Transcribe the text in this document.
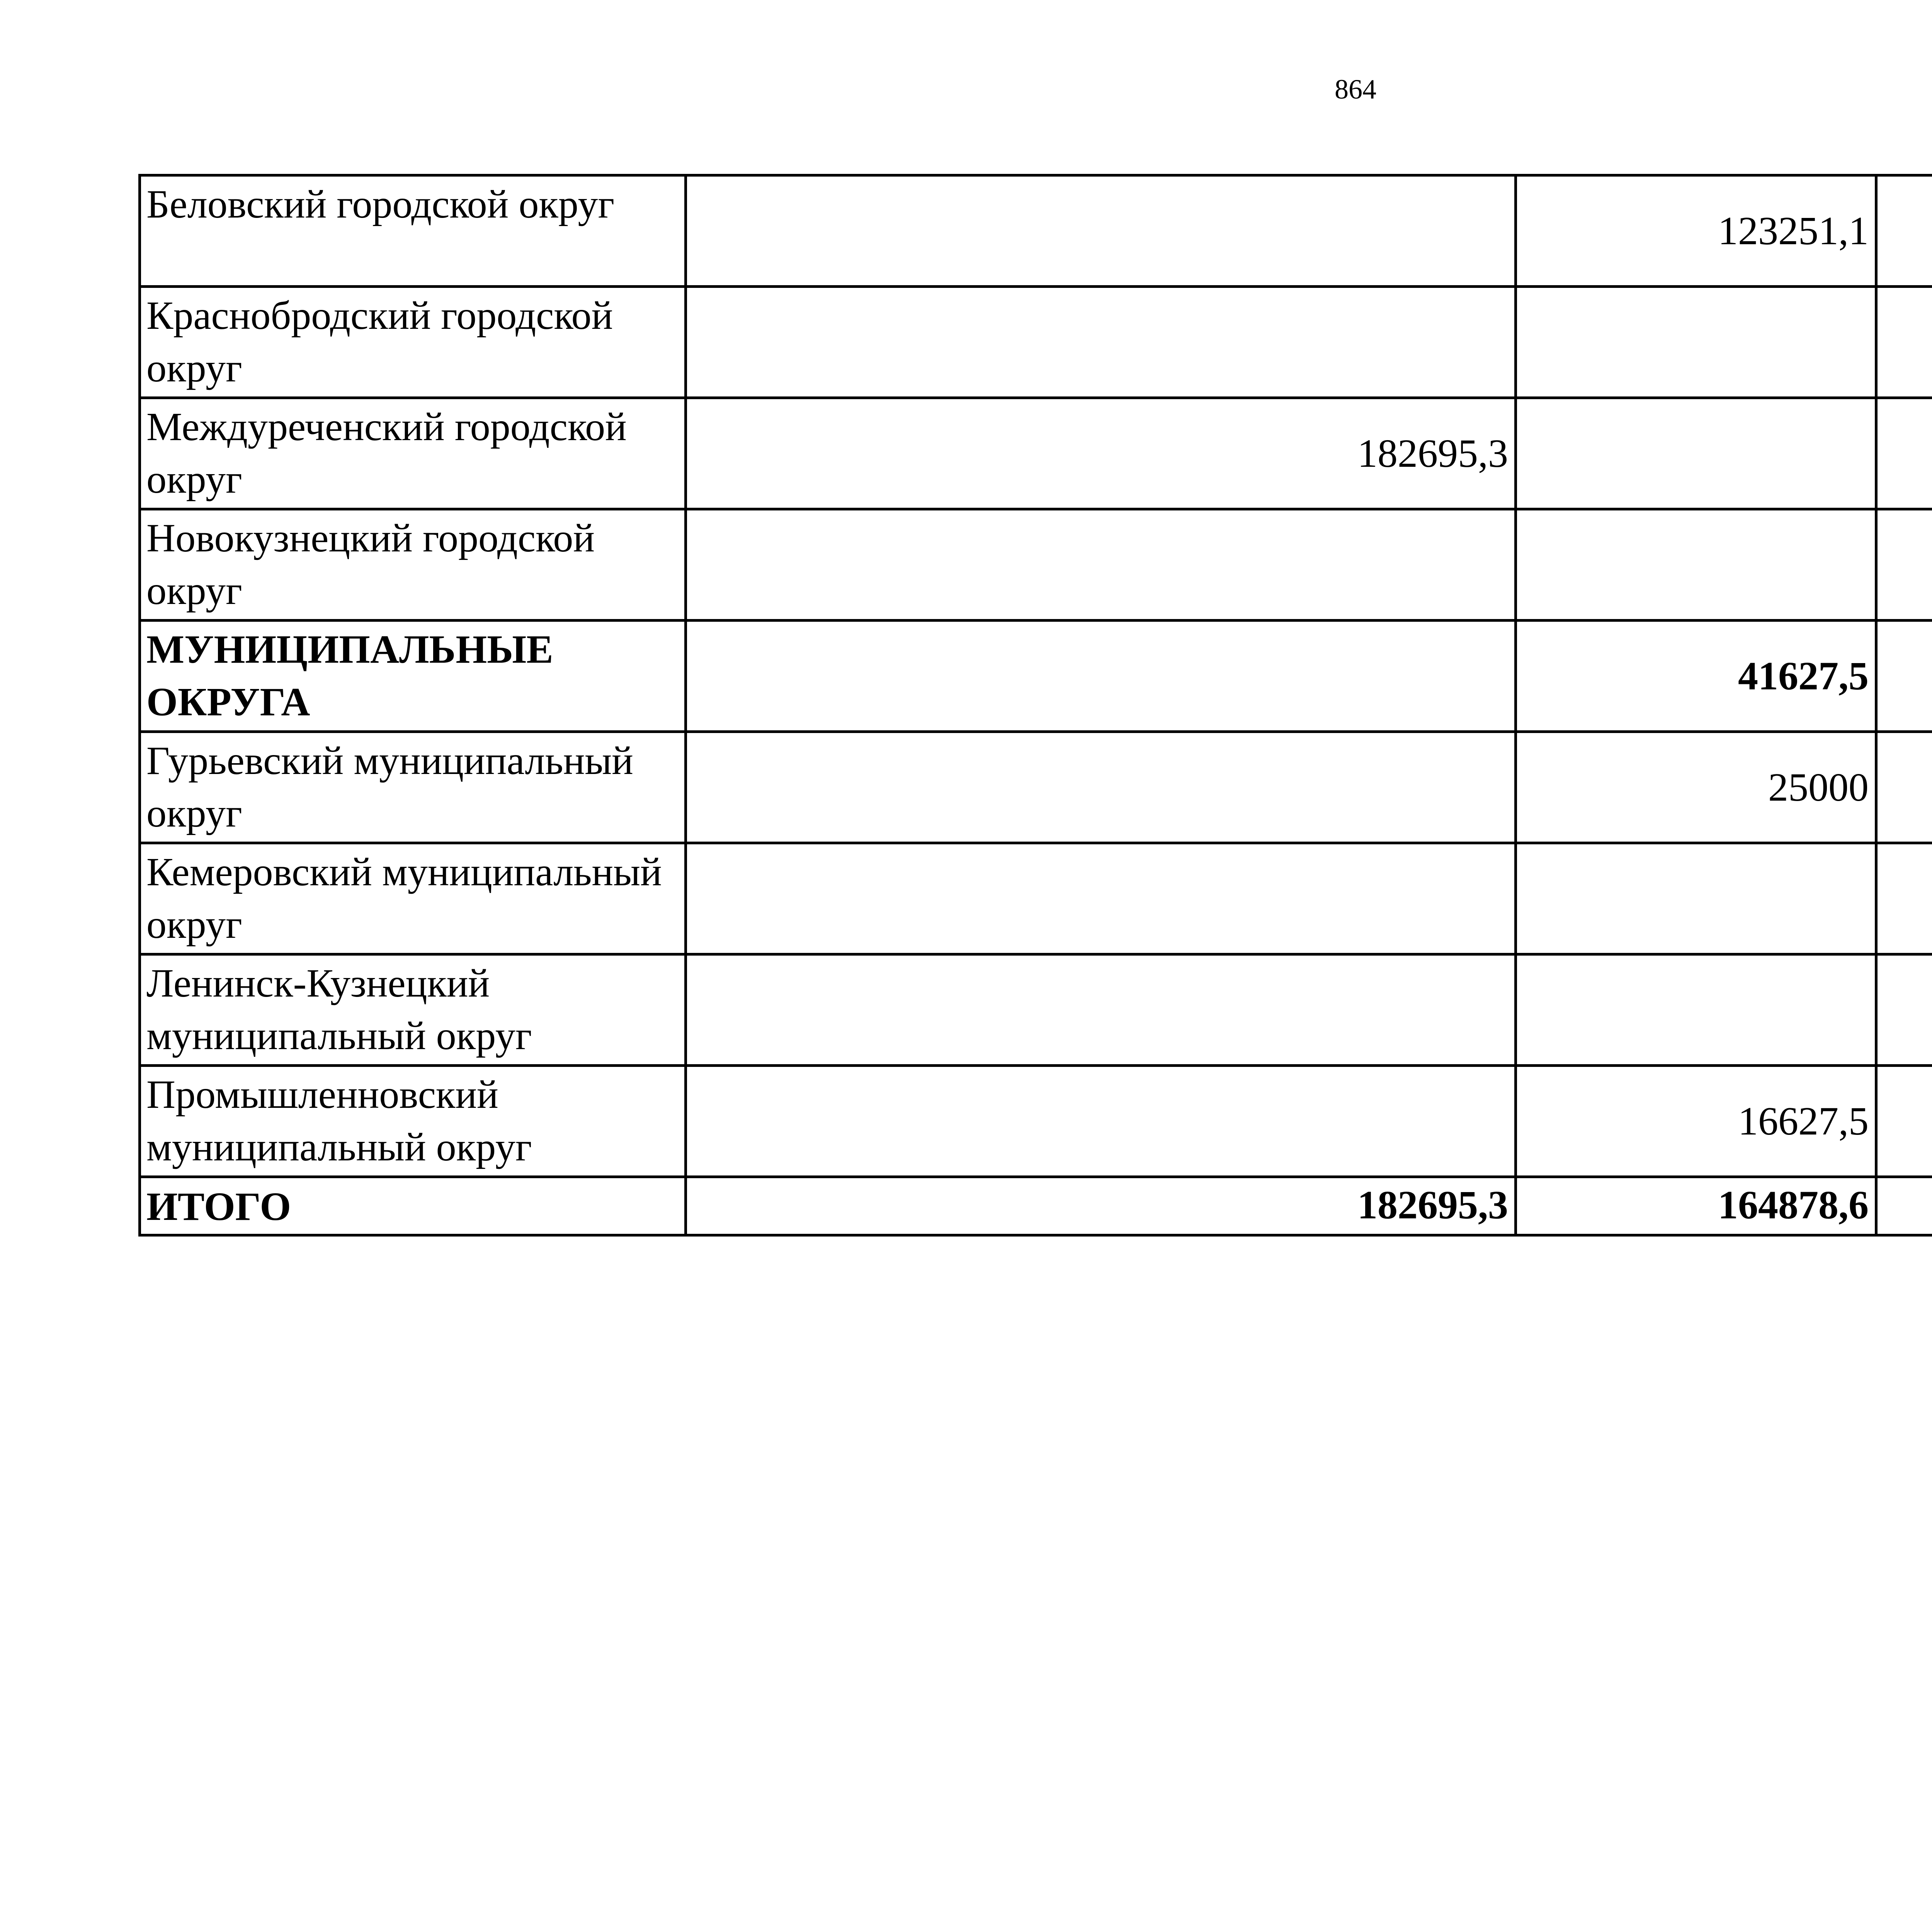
864
Беловский городской округ		123251,1			
Краснобродский городской округ					
Междуреченский городской округ	182695,3				
Новокузнецкий городской округ					
МУНИЦИПАЛЬНЫЕ ОКРУГА		41627,5			
Гурьевский муниципальный округ		25000			
Кемеровский муниципальный округ					
Ленинск-Кузнецкий муниципальный округ					
Промышленновский муниципальный округ		16627,5			
ИТОГО	182695,3	164878,6			
